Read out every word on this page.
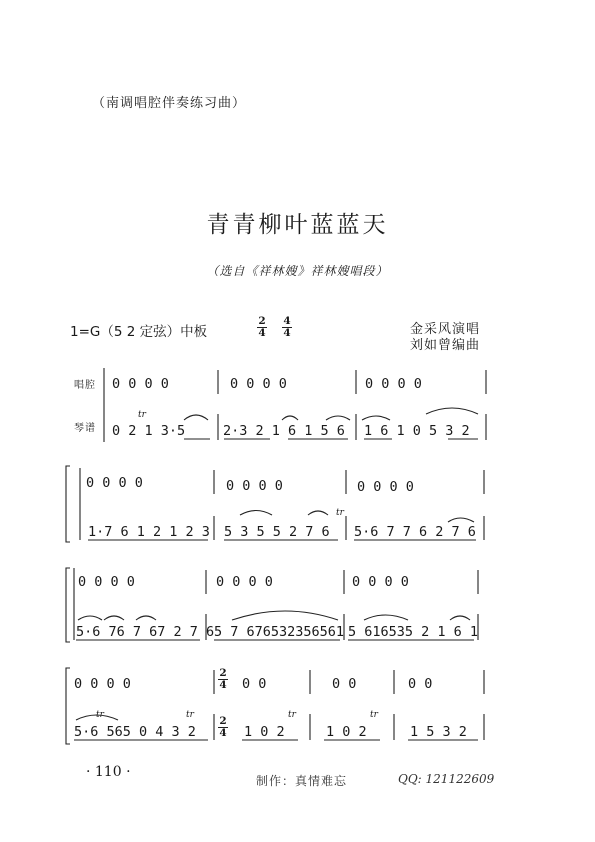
（南调唱腔伴奏练习曲）
青青柳叶蓝蓝天
（选自《祥林嫂》祥林嫂唱段）
1=G（5 2 定弦）中板
2
4
4
4	金采风演唱
刘如曾编曲
唱腔
琴谱
0 0 0 0	0 0 0 0	0 0 0 0
0 2 1 3·5	2·3 2 1 6 1 5 6 1 6 1 0 5 3 2
0 0 0 0	0 0 0 0	0 0 0 0
1·7 6 1 2 1 2 3 5 3 5 5 2 7 6 5·6 7 7 6 2 7 6
0 0 0 0	0 0 0 0	0 0 0 0
5·6 76 7 67 2 7 6 5 7 676532356561 5 616535 2 1 6 1
0 0 0 0
2
4 0 0	0 0	0 0
5·6 565 0 4 3 2
2
4 1 0 2	1 0 2	1 5 3 2
tr
tr
tr	tr	tr	tr
· 110 ·
制作：真情难忘	QQ: 121122609
